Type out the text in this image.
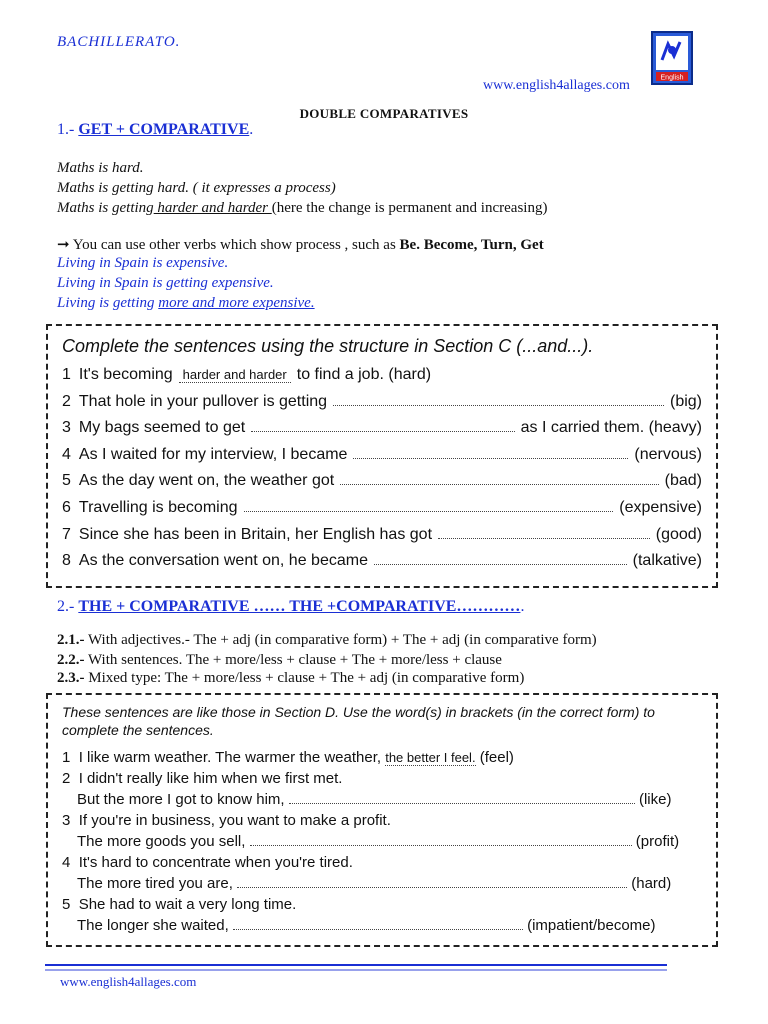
BACHILLERATO.
www.english4allages.com	English
DOUBLE COMPARATIVES
1.- GET + COMPARATIVE.
Maths is hard.
Maths is getting hard. ( it expresses a process)
Maths is getting harder and harder (here the change is permanent and increasing)
➞ You can use other verbs which show process , such as Be. Become, Turn, Get
Living in Spain is expensive.
Living in Spain is getting expensive.
Living is getting more and more expensive.
Complete the sentences using the structure in Section C (...and...).
1 It's becoming harder and harder to find a job. (hard)
2 That hole in your pullover is getting	(big)
3 My bags seemed to get	as I carried them. (heavy)
4 As I waited for my interview, I became	(nervous)
5 As the day went on, the weather got	(bad)
6 Travelling is becoming	(expensive)
7 Since she has been in Britain, her English has got	(good)
8 As the conversation went on, he became	(talkative)
2.- THE + COMPARATIVE …… THE +COMPARATIVE………….
2.1.- With adjectives.- The + adj (in comparative form) + The + adj (in comparative form)
2.2.- With sentences. The + more/less + clause + The + more/less + clause
2.3.- Mixed type: The + more/less + clause + The + adj (in comparative form)
These sentences are like those in Section D. Use the word(s) in brackets (in the correct form) to
complete the sentences.
1 I like warm weather. The warmer the weather, the better I feel. (feel)
2 I didn't really like him when we first met.
But the more I got to know him,	(like)
3 If you're in business, you want to make a profit.
The more goods you sell,	(profit)
4 It's hard to concentrate when you're tired.
The more tired you are,	(hard)
5 She had to wait a very long time.
The longer she waited,	(impatient/become)
www.english4allages.com
